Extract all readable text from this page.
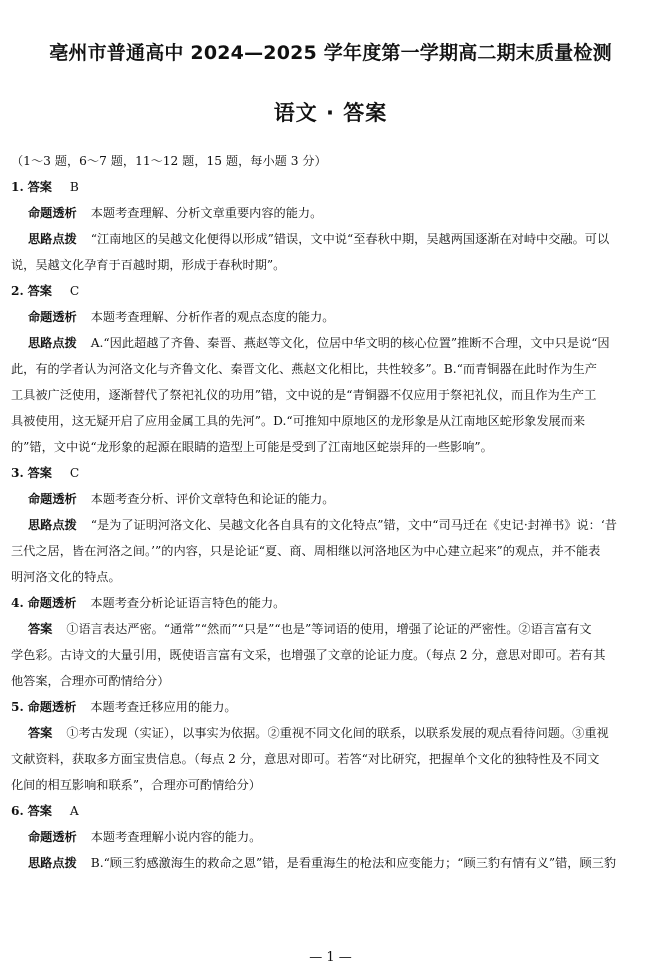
亳州市普通高中 2024—2025 学年度第一学期高二期末质量检测
语文 · 答案

（1～3 题，6～7 题，11～12 题，15 题，每小题 3 分）

1. 答案 B

命题透析 本题考查理解、分析文章重要内容的能力。

思路点拨 “江南地区的吴越文化便得以形成”错误，文中说“至春秋中期，吴越两国逐渐在对峙中交融。可以

说，吴越文化孕育于百越时期，形成于春秋时期”。

2. 答案 C

命题透析 本题考查理解、分析作者的观点态度的能力。

思路点拨 A.“因此超越了齐鲁、秦晋、燕赵等文化，位居中华文明的核心位置”推断不合理，文中只是说“因

此，有的学者认为河洛文化与齐鲁文化、秦晋文化、燕赵文化相比，共性较多”。B.“而青铜器在此时作为生产

工具被广泛使用，逐渐替代了祭祀礼仪的功用”错，文中说的是“青铜器不仅应用于祭祀礼仪，而且作为生产工

具被使用，这无疑开启了应用金属工具的先河”。D.“可推知中原地区的龙形象是从江南地区蛇形象发展而来

的”错，文中说“龙形象的起源在眼睛的造型上可能是受到了江南地区蛇崇拜的一些影响”。

3. 答案 C

命题透析 本题考查分析、评价文章特色和论证的能力。

思路点拨 “是为了证明河洛文化、吴越文化各自具有的文化特点”错，文中“司马迁在《史记·封禅书》说：‘昔

三代之居，皆在河洛之间。’”的内容，只是论证“夏、商、周相继以河洛地区为中心建立起来”的观点，并不能表

明河洛文化的特点。

4. 命题透析 本题考查分析论证语言特色的能力。

答案 ①语言表达严密。“通常”“然而”“只是”“也是”等词语的使用，增强了论证的严密性。②语言富有文

学色彩。古诗文的大量引用，既使语言富有文采，也增强了文章的论证力度。（每点 2 分，意思对即可。若有其

他答案，合理亦可酌情给分）

5. 命题透析 本题考查迁移应用的能力。

答案 ①考古发现（实证），以事实为依据。②重视不同文化间的联系，以联系发展的观点看待问题。③重视

文献资料，获取多方面宝贵信息。（每点 2 分，意思对即可。若答“对比研究，把握单个文化的独特性及不同文

化间的相互影响和联系”，合理亦可酌情给分）

6. 答案 A

命题透析 本题考查理解小说内容的能力。

思路点拨 B.“顾三豹感激海生的救命之恩”错，是看重海生的枪法和应变能力；“顾三豹有情有义”错，顾三豹

— 1 —
